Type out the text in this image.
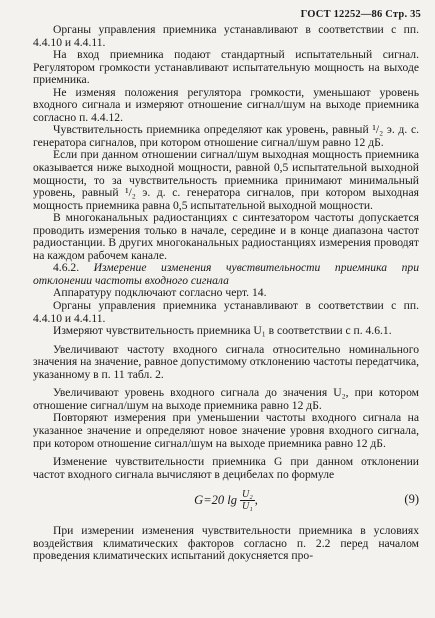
ГОСТ 12252—86 Стр. 35

Органы управления приемника устанавливают в соответствии с пп. 4.4.10 и 4.4.11.

На вход приемника подают стандартный испытательный сигнал. Регулятором громкости устанавливают испытательную мощность на выходе приемника.

Не изменяя положения регулятора громкости, уменьшают уровень входного сигнала и измеряют отношение сигнал/шум на выходе приемника согласно п. 4.4.12.

Чувствительность приемника определяют как уровень, равный ¹/₂ э. д. с. генератора сигналов, при котором отношение сигнал/шум равно 12 дБ.

Если при данном отношении сигнал/шум выходная мощность приемника оказывается ниже выходной мощности, равной 0,5 испытательной выходной мощности, то за чувствительность приемника принимают минимальный уровень, равный ¹/₂ э. д. с. генератора сигналов, при котором выходная мощность приемника равна 0,5 испытательной выходной мощности.

В многоканальных радиостанциях с синтезатором частоты допускается проводить измерения только в начале, середине и в конце диапазона частот радиостанции. В других многоканальных радиостанциях измерения проводят на каждом рабочем канале.

4.6.2. Измерение изменения чувствительности приемника при отклонении частоты входного сигнала

Аппаратуру подключают согласно черт. 14.

Органы управления приемника устанавливают в соответствии с пп. 4.4.10 и 4.4.11.

Измеряют чувствительность приемника U₁ в соответствии с п. 4.6.1.

Увеличивают частоту входного сигнала относительно номинального значения на значение, равное допустимому отклонению частоты передатчика, указанному в п. 11 табл. 2.

Увеличивают уровень входного сигнала до значения U₂, при котором отношение сигнал/шум на выходе приемника равно 12 дБ.

Повторяют измерения при уменьшении частоты входного сигнала на указанное значение и определяют новое значение уровня входного сигнала, при котором отношение сигнал/шум на выходе приемника равно 12 дБ.

Изменение чувствительности приемника G при данном отклонении частот входного сигнала вычисляют в децибелах по формуле

G=20 $\lg \frac{\text{U₂}}{\text{U₁}}$ ,	(9)

При измерении изменения чувствительности приемника в условиях воздействия климатических факторов согласно п. 2.2 перед началом проведения климатических испытаний докусняется про-
